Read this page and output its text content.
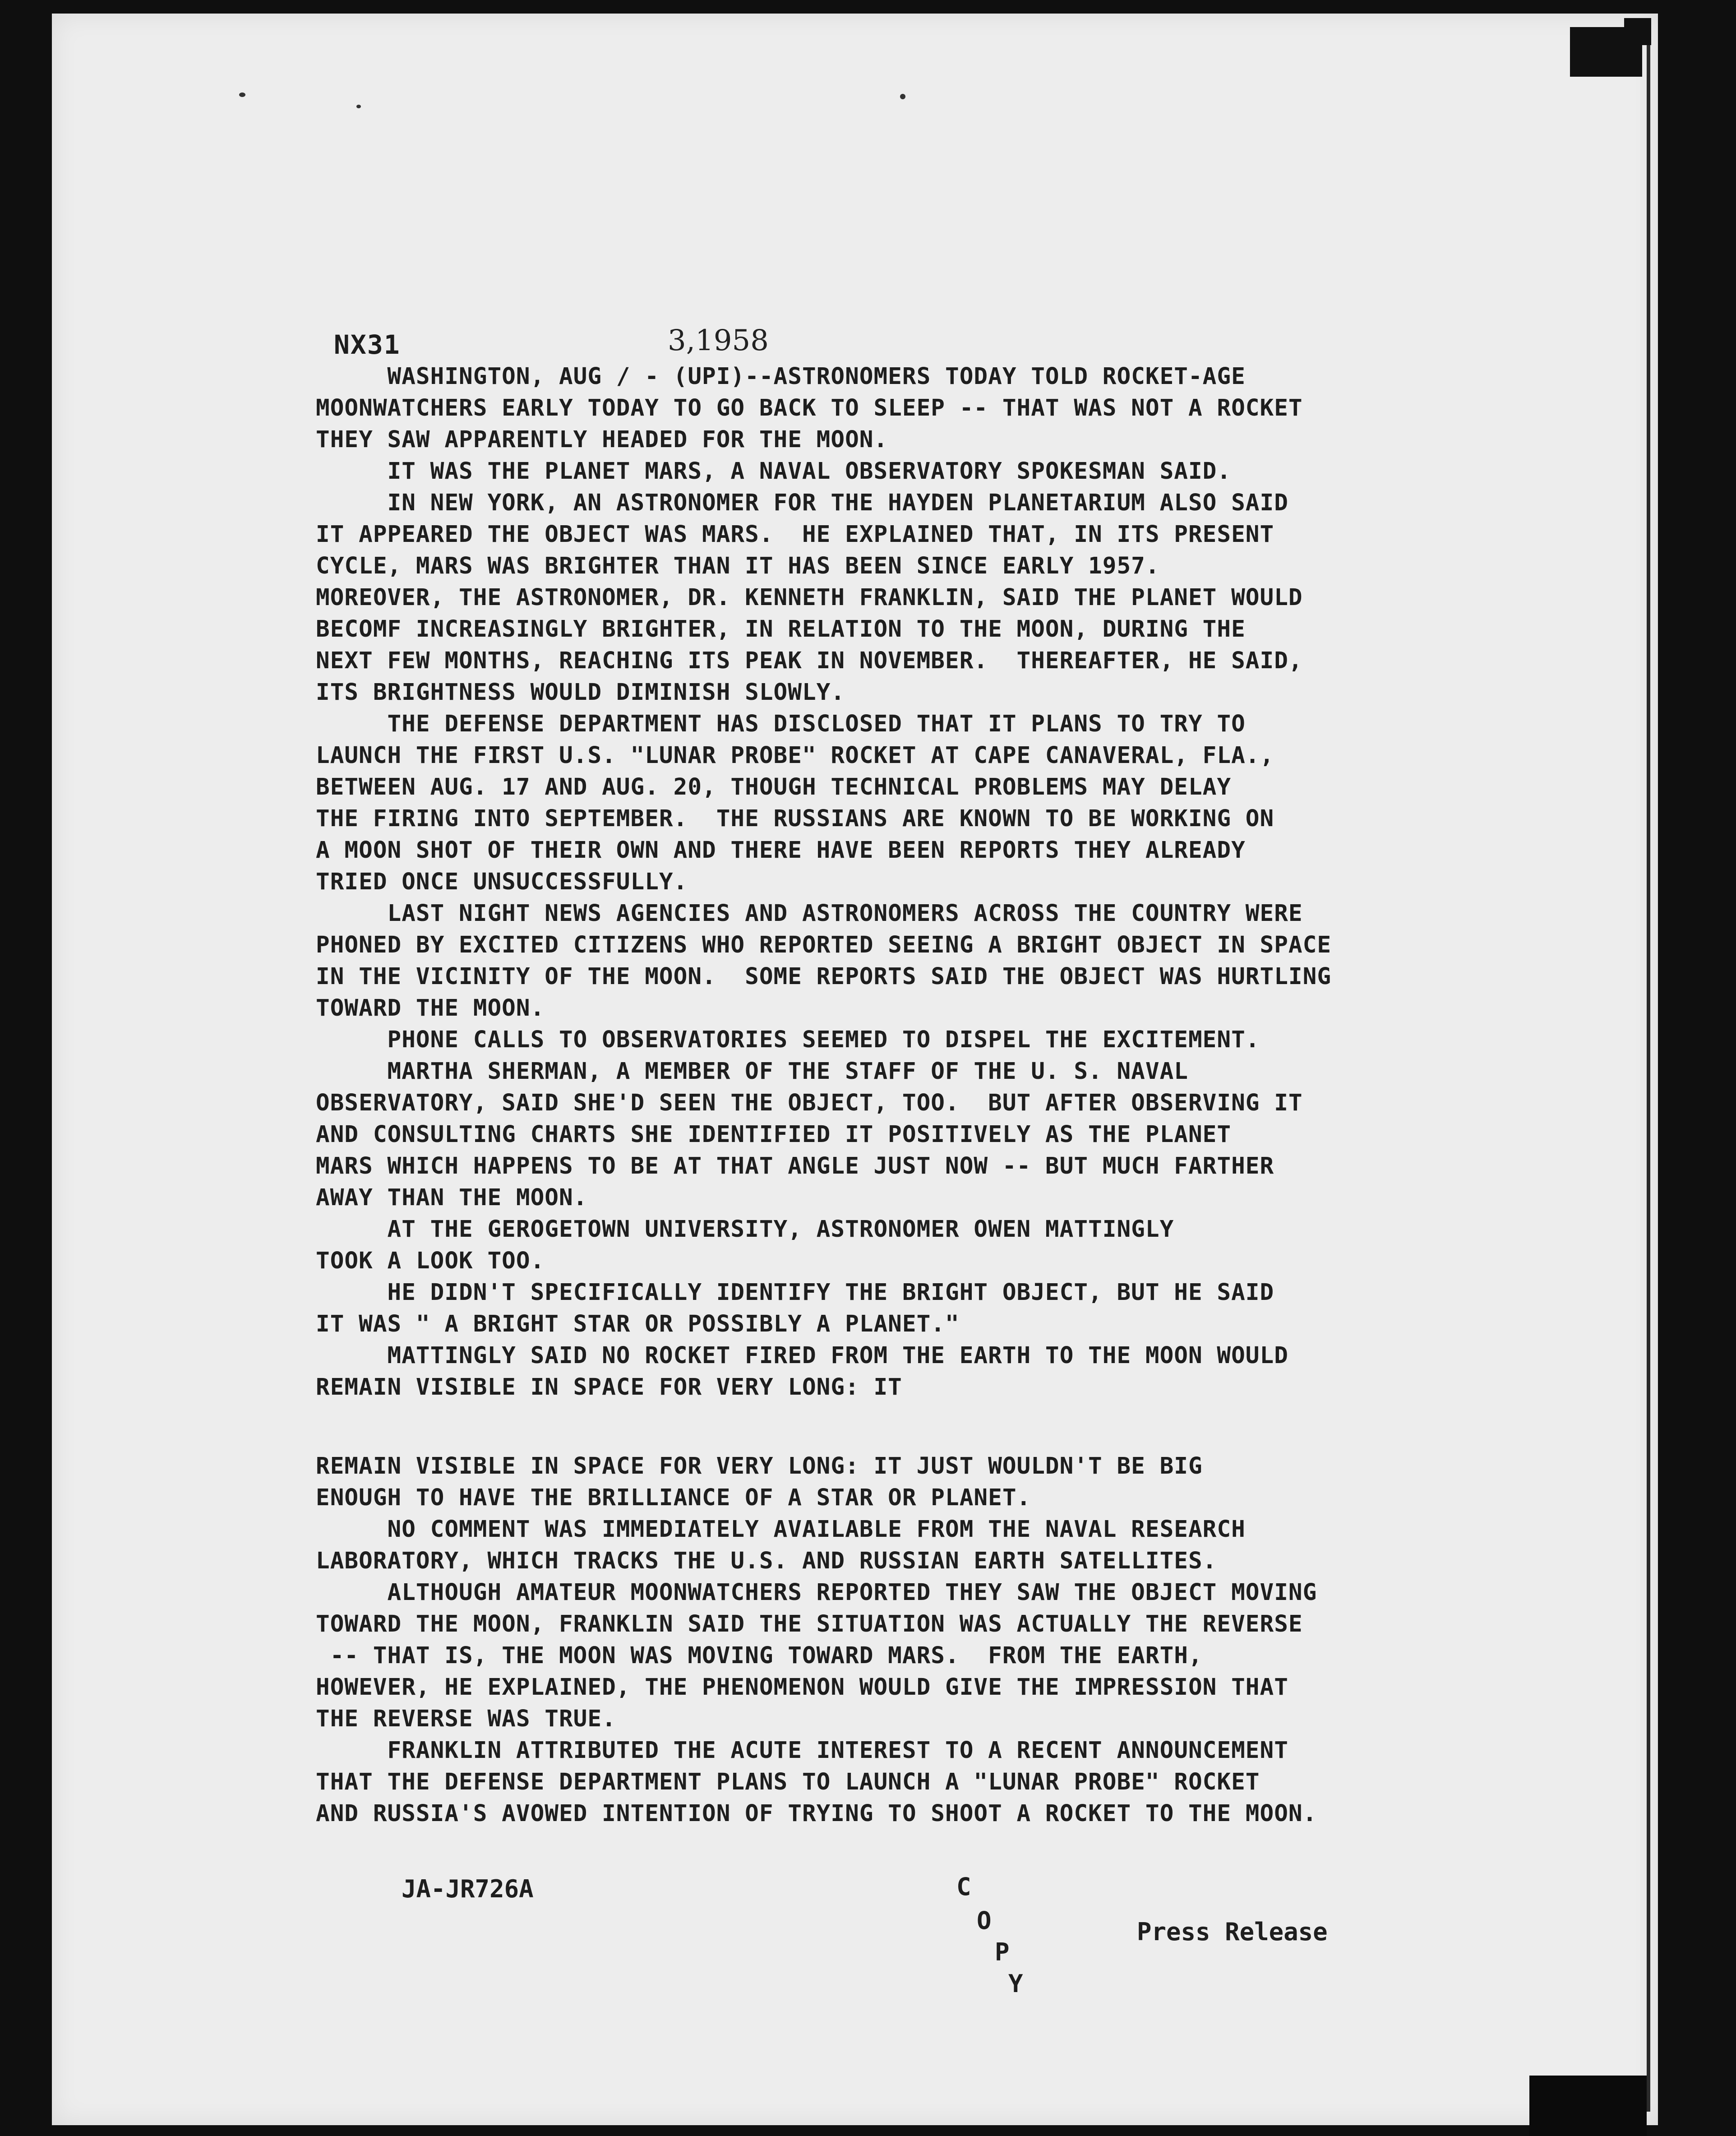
NX31	3,1958
WASHINGTON, AUG / - (UPI)--ASTRONOMERS TODAY TOLD ROCKET-AGE
MOONWATCHERS EARLY TODAY TO GO BACK TO SLEEP -- THAT WAS NOT A ROCKET
THEY SAW APPARENTLY HEADED FOR THE MOON.
IT WAS THE PLANET MARS, A NAVAL OBSERVATORY SPOKESMAN SAID.
IN NEW YORK, AN ASTRONOMER FOR THE HAYDEN PLANETARIUM ALSO SAID
IT APPEARED THE OBJECT WAS MARS.  HE EXPLAINED THAT, IN ITS PRESENT
CYCLE, MARS WAS BRIGHTER THAN IT HAS BEEN SINCE EARLY 1957.
MOREOVER, THE ASTRONOMER, DR. KENNETH FRANKLIN, SAID THE PLANET WOULD
BECOMF INCREASINGLY BRIGHTER, IN RELATION TO THE MOON, DURING THE
NEXT FEW MONTHS, REACHING ITS PEAK IN NOVEMBER.  THEREAFTER, HE SAID,
ITS BRIGHTNESS WOULD DIMINISH SLOWLY.
THE DEFENSE DEPARTMENT HAS DISCLOSED THAT IT PLANS TO TRY TO
LAUNCH THE FIRST U.S. "LUNAR PROBE" ROCKET AT CAPE CANAVERAL, FLA.,
BETWEEN AUG. 17 AND AUG. 20, THOUGH TECHNICAL PROBLEMS MAY DELAY
THE FIRING INTO SEPTEMBER.  THE RUSSIANS ARE KNOWN TO BE WORKING ON
A MOON SHOT OF THEIR OWN AND THERE HAVE BEEN REPORTS THEY ALREADY
TRIED ONCE UNSUCCESSFULLY.
LAST NIGHT NEWS AGENCIES AND ASTRONOMERS ACROSS THE COUNTRY WERE
PHONED BY EXCITED CITIZENS WHO REPORTED SEEING A BRIGHT OBJECT IN SPACE
IN THE VICINITY OF THE MOON.  SOME REPORTS SAID THE OBJECT WAS HURTLING
TOWARD THE MOON.
PHONE CALLS TO OBSERVATORIES SEEMED TO DISPEL THE EXCITEMENT.
MARTHA SHERMAN, A MEMBER OF THE STAFF OF THE U. S. NAVAL
OBSERVATORY, SAID SHE'D SEEN THE OBJECT, TOO.  BUT AFTER OBSERVING IT
AND CONSULTING CHARTS SHE IDENTIFIED IT POSITIVELY AS THE PLANET
MARS WHICH HAPPENS TO BE AT THAT ANGLE JUST NOW -- BUT MUCH FARTHER
AWAY THAN THE MOON.
AT THE GEROGETOWN UNIVERSITY, ASTRONOMER OWEN MATTINGLY
TOOK A LOOK TOO.
HE DIDN'T SPECIFICALLY IDENTIFY THE BRIGHT OBJECT, BUT HE SAID
IT WAS " A BRIGHT STAR OR POSSIBLY A PLANET."
MATTINGLY SAID NO ROCKET FIRED FROM THE EARTH TO THE MOON WOULD
REMAIN VISIBLE IN SPACE FOR VERY LONG: IT
REMAIN VISIBLE IN SPACE FOR VERY LONG: IT JUST WOULDN'T BE BIG
ENOUGH TO HAVE THE BRILLIANCE OF A STAR OR PLANET.
NO COMMENT WAS IMMEDIATELY AVAILABLE FROM THE NAVAL RESEARCH
LABORATORY, WHICH TRACKS THE U.S. AND RUSSIAN EARTH SATELLITES.
ALTHOUGH AMATEUR MOONWATCHERS REPORTED THEY SAW THE OBJECT MOVING
TOWARD THE MOON, FRANKLIN SAID THE SITUATION WAS ACTUALLY THE REVERSE
-- THAT IS, THE MOON WAS MOVING TOWARD MARS.  FROM THE EARTH,
HOWEVER, HE EXPLAINED, THE PHENOMENON WOULD GIVE THE IMPRESSION THAT
THE REVERSE WAS TRUE.
FRANKLIN ATTRIBUTED THE ACUTE INTEREST TO A RECENT ANNOUNCEMENT
THAT THE DEFENSE DEPARTMENT PLANS TO LAUNCH A "LUNAR PROBE" ROCKET
AND RUSSIA'S AVOWED INTENTION OF TRYING TO SHOOT A ROCKET TO THE MOON.
JA-JR726A	C
O
P
Y
Press Release
